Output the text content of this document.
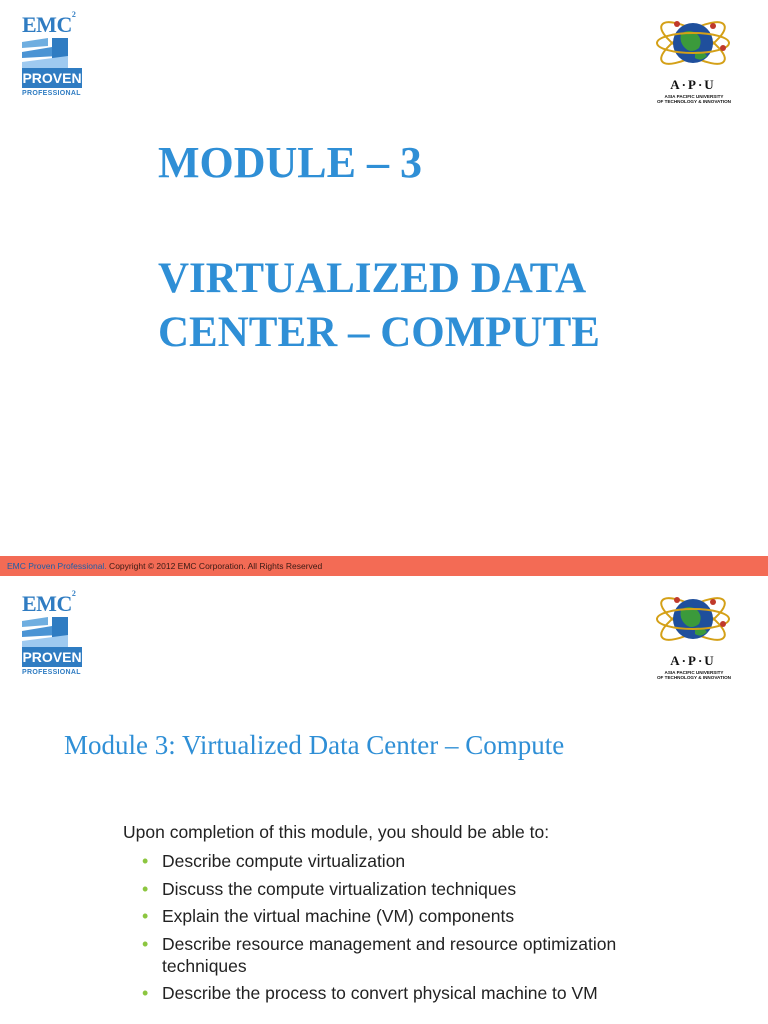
EMC$^2$
PROVEN
PROFESSIONAL
A·P·U
ASIA PACIFIC UNIVERSITY
OF TECHNOLOGY & INNOVATION
MODULE – 3
VIRTUALIZED DATA
CENTER – COMPUTE
EMC Proven Professional. Copyright © 2012 EMC Corporation. All Rights Reserved
EMC$^2$
PROVEN
PROFESSIONAL
A·P·U
ASIA PACIFIC UNIVERSITY
OF TECHNOLOGY & INNOVATION
Module 3: Virtualized Data Center – Compute

Upon completion of this module, you should be able to:

• Describe compute virtualization
• Discuss the compute virtualization techniques
• Explain the virtual machine (VM) components
• Describe resource management and resource optimization techniques
• Describe the process to convert physical machine to VM
